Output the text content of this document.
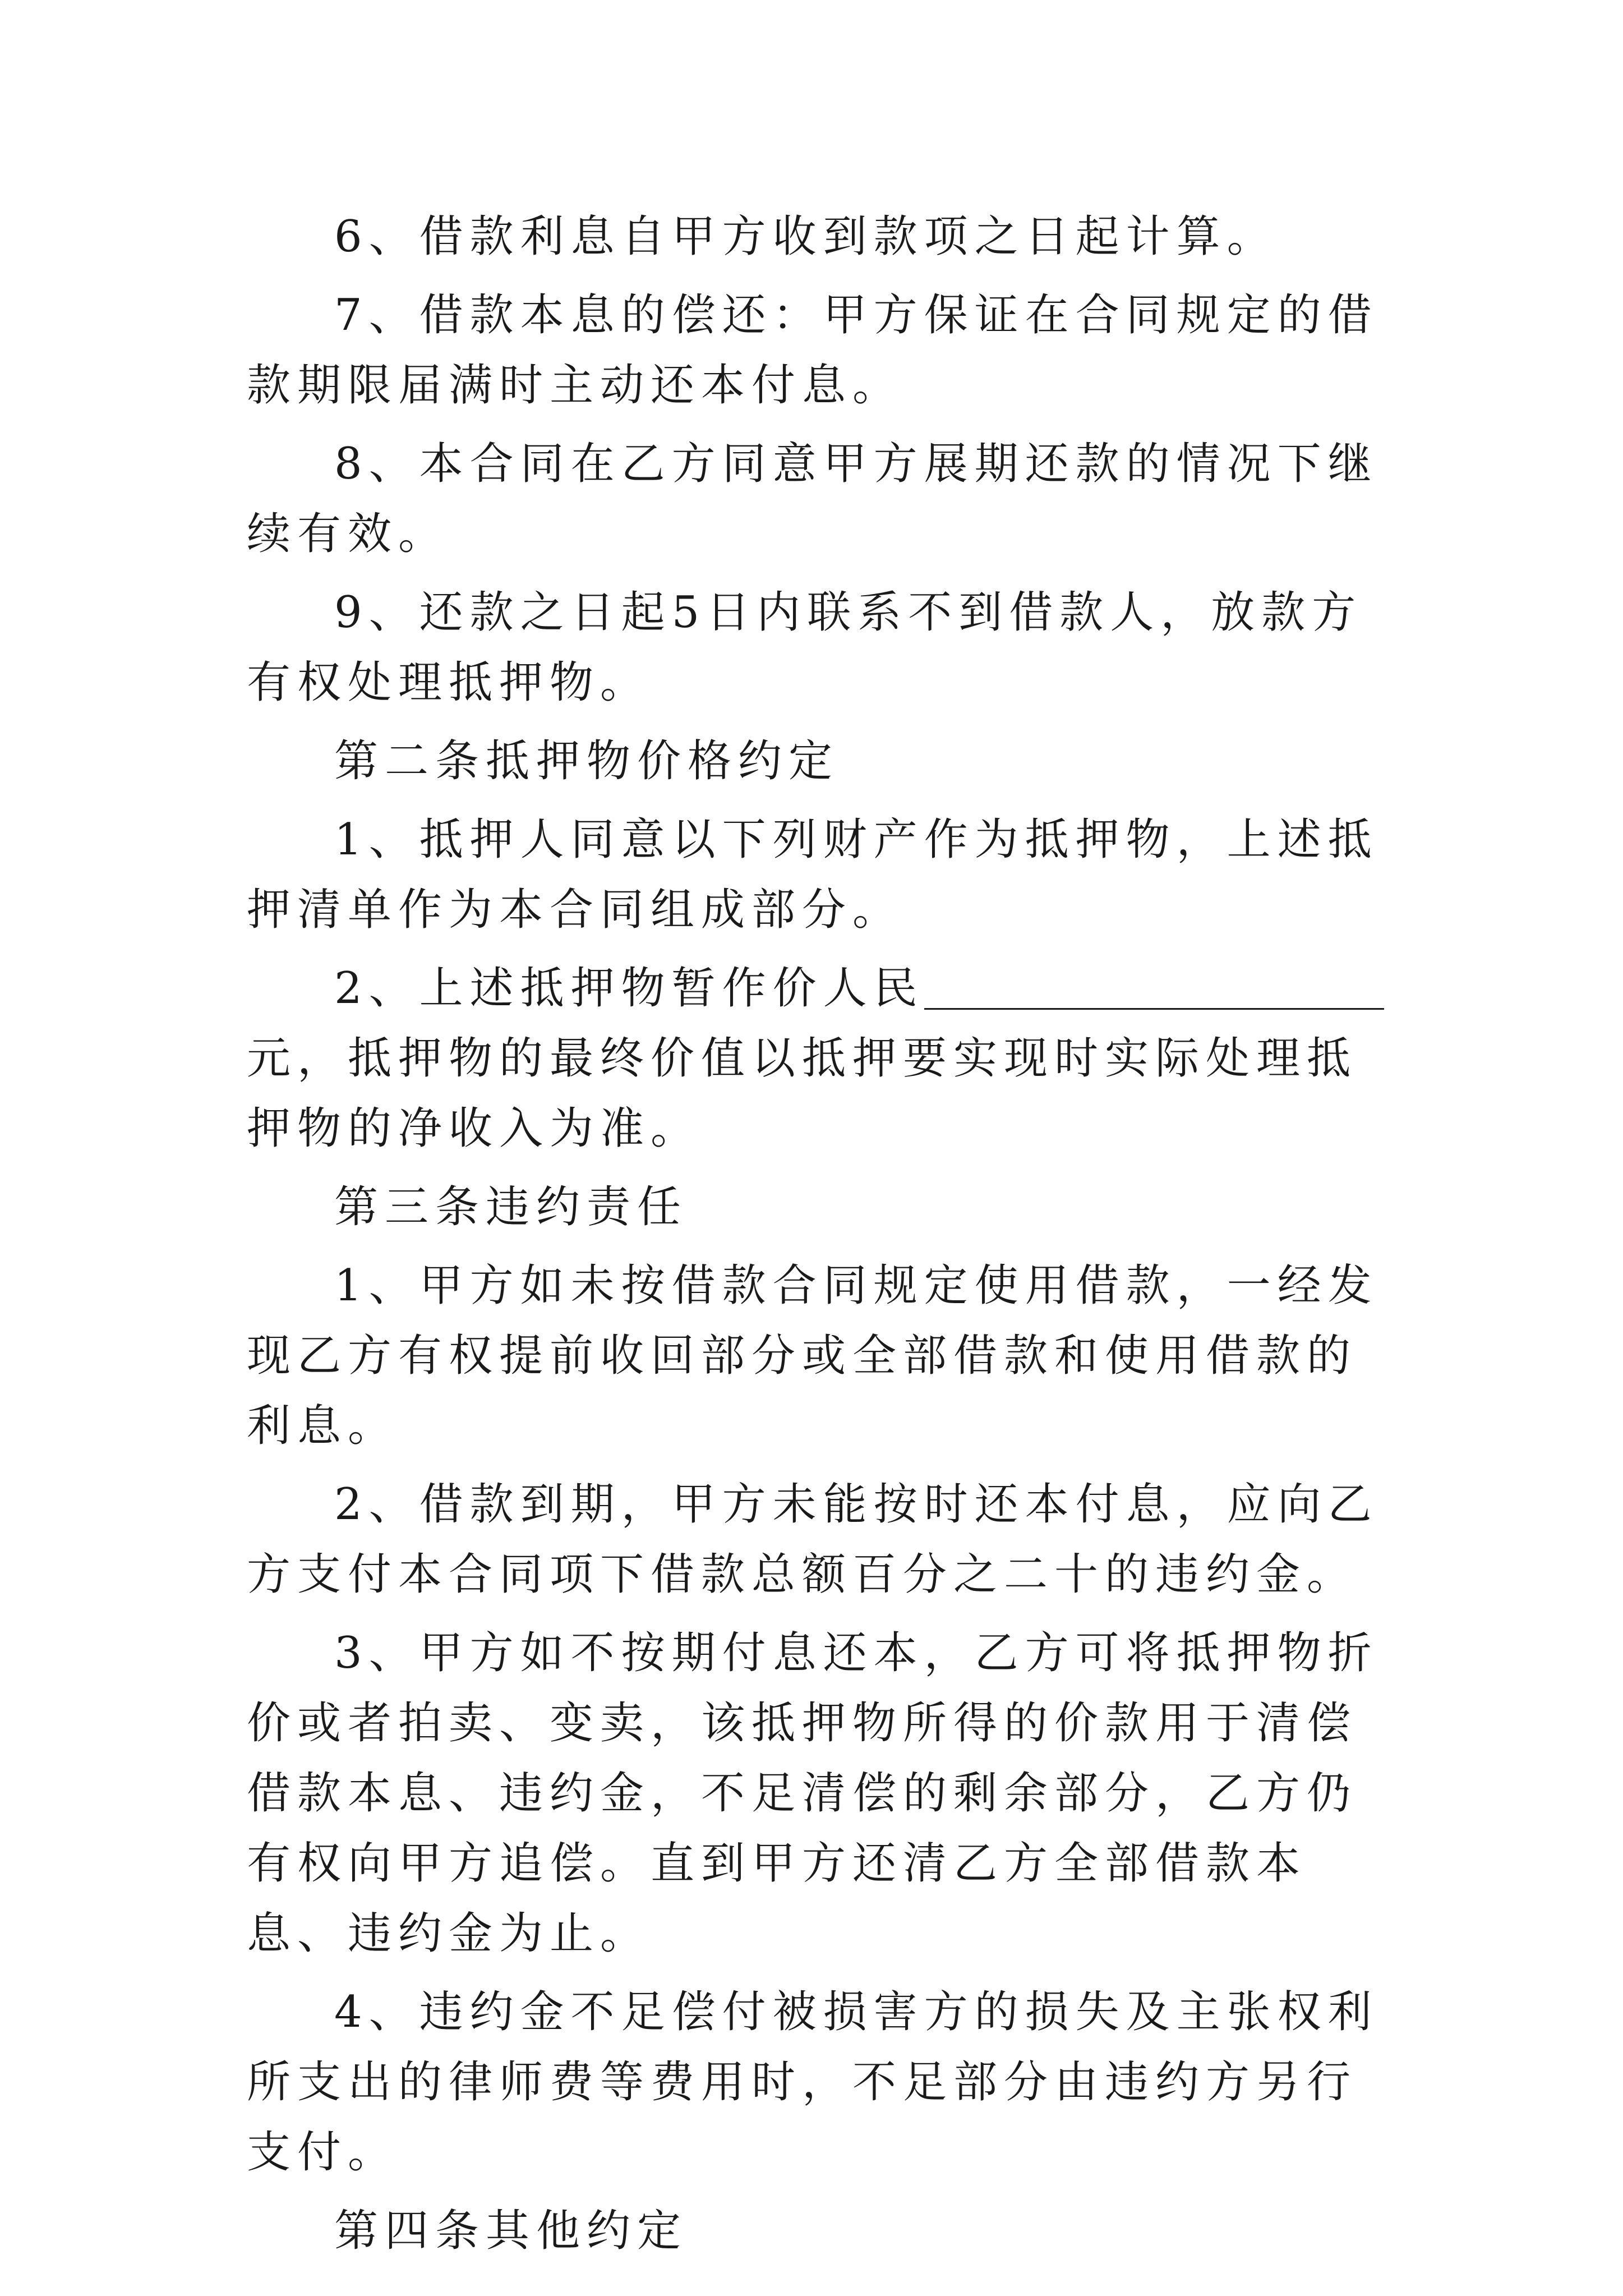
6、借款利息自甲方收到款项之日起计算。

7、借款本息的偿还：甲方保证在合同规定的借款期限届满时主动还本付息。

8、本合同在乙方同意甲方展期还款的情况下继续有效。

9、还款之日起5日内联系不到借款人，放款方有权处理抵押物。

第二条抵押物价格约定

1、抵押人同意以下列财产作为抵押物，上述抵押清单作为本合同组成部分。

2、上述抵押物暂作价人民元，抵押物的最终价值以抵押要实现时实际处理抵押物的净收入为准。

第三条违约责任

1、甲方如未按借款合同规定使用借款，一经发现乙方有权提前收回部分或全部借款和使用借款的利息。

2、借款到期，甲方未能按时还本付息，应向乙方支付本合同项下借款总额百分之二十的违约金。

3、甲方如不按期付息还本，乙方可将抵押物折价或者拍卖、变卖，该抵押物所得的价款用于清偿借款本息、违约金，不足清偿的剩余部分，乙方仍有权向甲方追偿。直到甲方还清乙方全部借款本息、违约金为止。

4、违约金不足偿付被损害方的损失及主张权利所支出的律师费等费用时，不足部分由违约方另行支付。

第四条其他约定
